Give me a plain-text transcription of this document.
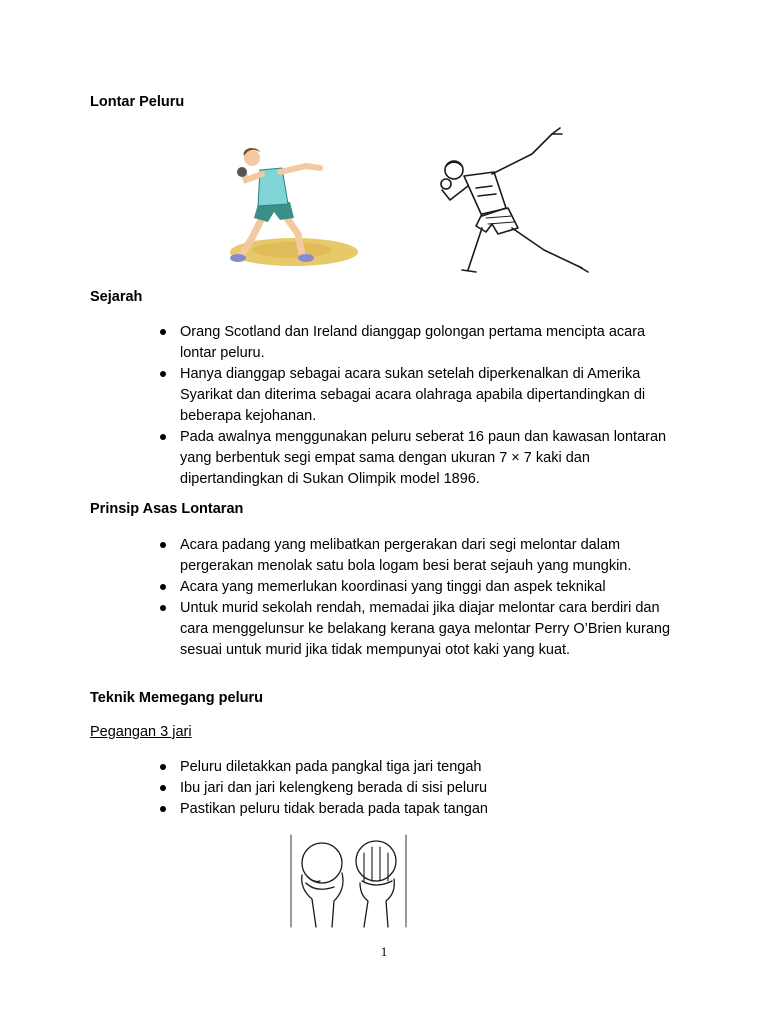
Lontar Peluru
Sejarah
Orang Scotland dan Ireland dianggap golongan pertama mencipta acara lontar peluru.
Hanya dianggap sebagai acara sukan setelah diperkenalkan di Amerika Syarikat dan diterima sebagai acara olahraga apabila dipertandingkan di beberapa kejohanan.
Pada awalnya menggunakan peluru seberat 16 paun dan kawasan lontaran yang berbentuk segi empat sama dengan ukuran 7 × 7 kaki dan dipertandingkan di Sukan Olimpik model 1896.
Prinsip Asas Lontaran
Acara padang yang melibatkan pergerakan dari segi melontar dalam pergerakan menolak satu bola logam besi berat sejauh yang mungkin.
Acara yang memerlukan koordinasi yang tinggi dan aspek teknikal
Untuk murid sekolah rendah, memadai jika diajar melontar cara berdiri dan cara menggelunsur ke belakang kerana gaya melontar Perry O’Brien kurang sesuai untuk murid jika tidak mempunyai otot kaki yang kuat.
Teknik Memegang peluru

Pegangan 3 jari

Peluru diletakkan pada pangkal tiga jari tengah
Ibu jari dan jari kelengkeng berada di sisi peluru
Pastikan peluru tidak berada pada tapak tangan
1
